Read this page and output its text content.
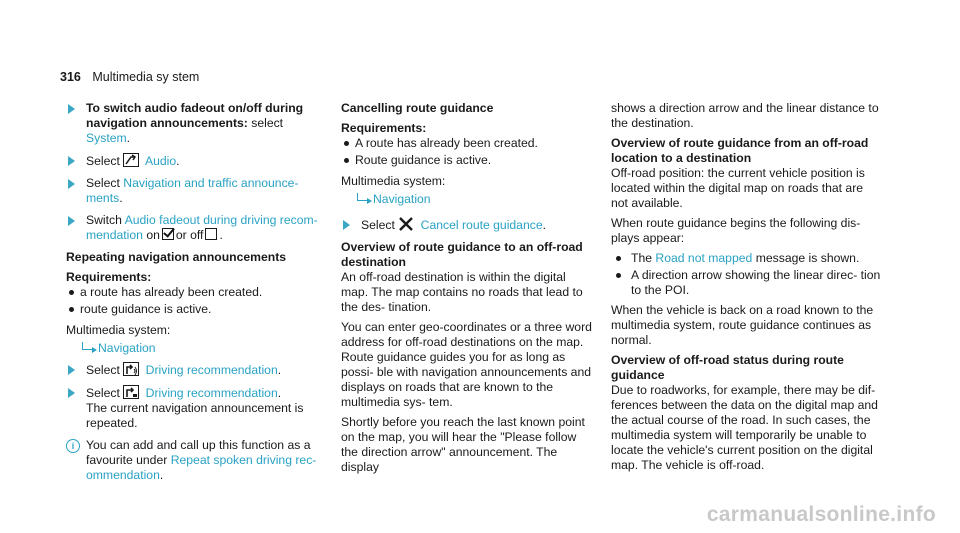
316 Multimedia sy stem
To switch audio fadeout on/off during navigation announcements: select System.
Select Audio.
Select Navigation and traffic announce- ments.
Switch Audio fadeout during driving recom- mendation on or off .
Repeating navigation announcements
Requirements:
a route has already been created.
route guidance is active.
Multimedia system:
Navigation
Select Driving recommendation.
Select Driving recommendation.
The current navigation announcement is repeated.
i You can add and call up this function as a favourite under Repeat spoken driving rec- ommendation.
Cancelling route guidance
Requirements:
A route has already been created.
Route guidance is active.
Multimedia system:
Navigation
Select Cancel route guidance.
Overview of route guidance to an off-road destination
An off-road destination is within the digital map. The map contains no roads that lead to the des- tination.
You can enter geo-coordinates or a three word address for off-road destinations on the map. Route guidance guides you for as long as possi- ble with navigation announcements and displays on roads that are known to the multimedia sys- tem.
Shortly before you reach the last known point on the map, you will hear the "Please follow the direction arrow" announcement. The display
shows a direction arrow and the linear distance to the destination.
Overview of route guidance from an off-road location to a destination
Off-road position: the current vehicle position is located within the digital map on roads that are not available.
When route guidance begins the following dis- plays appear:
The Road not mapped message is shown.
A direction arrow showing the linear direc- tion to the POI.
When the vehicle is back on a road known to the multimedia system, route guidance continues as normal.
Overview of off-road status during route guidance
Due to roadworks, for example, there may be dif- ferences between the data on the digital map and the actual course of the road. In such cases, the multimedia system will temporarily be unable to locate the vehicle's current position on the digital map. The vehicle is off-road.
carmanualsonline.info
